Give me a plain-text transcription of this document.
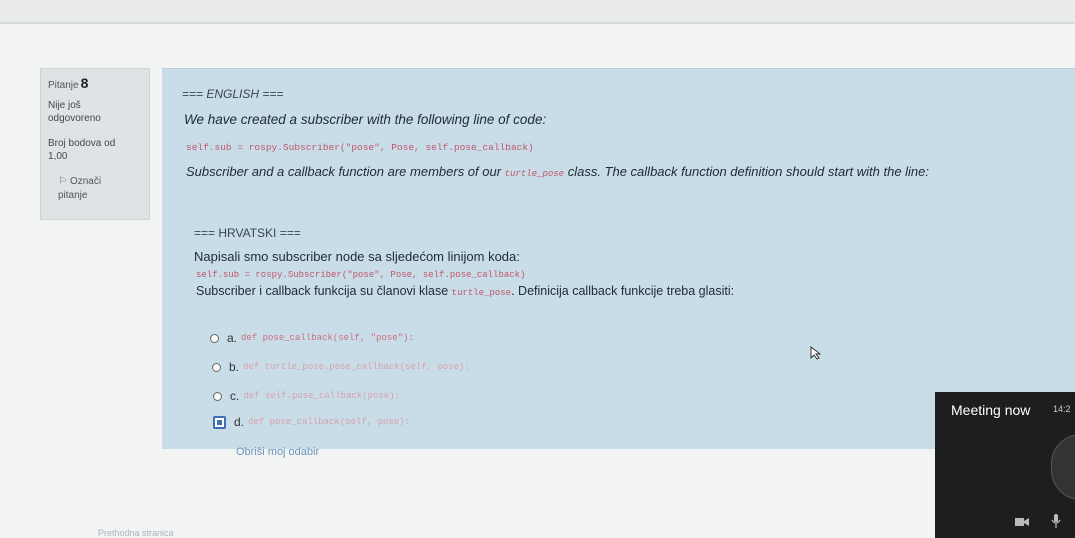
Pitanje 8
Nije još
odgovoreno
Broj bodova od
1,00
⚐ Označi
pitanje
=== ENGLISH ===
We have created a subscriber with the following line of code:
self.sub = rospy.Subscriber("pose", Pose, self.pose_callback)
Subscriber and a callback function are members of our turtle_pose class. The callback function definition should start with the line:
=== HRVATSKI ===
Napisali smo subscriber node sa sljedećom linijom koda:
self.sub = rospy.Subscriber("pose", Pose, self.pose_callback)
Subscriber i callback funkcija su članovi klase turtle_pose. Definicija callback funkcije treba glasiti:
a. def pose_callback(self, "pose"):
b. def turtle_pose.pose_callback(self, pose):
c. def self.pose_callback(pose):
d. def pose_callback(self, pose):
Obriši moj odabir
Prethodna stranica
Meeting now	14:2
